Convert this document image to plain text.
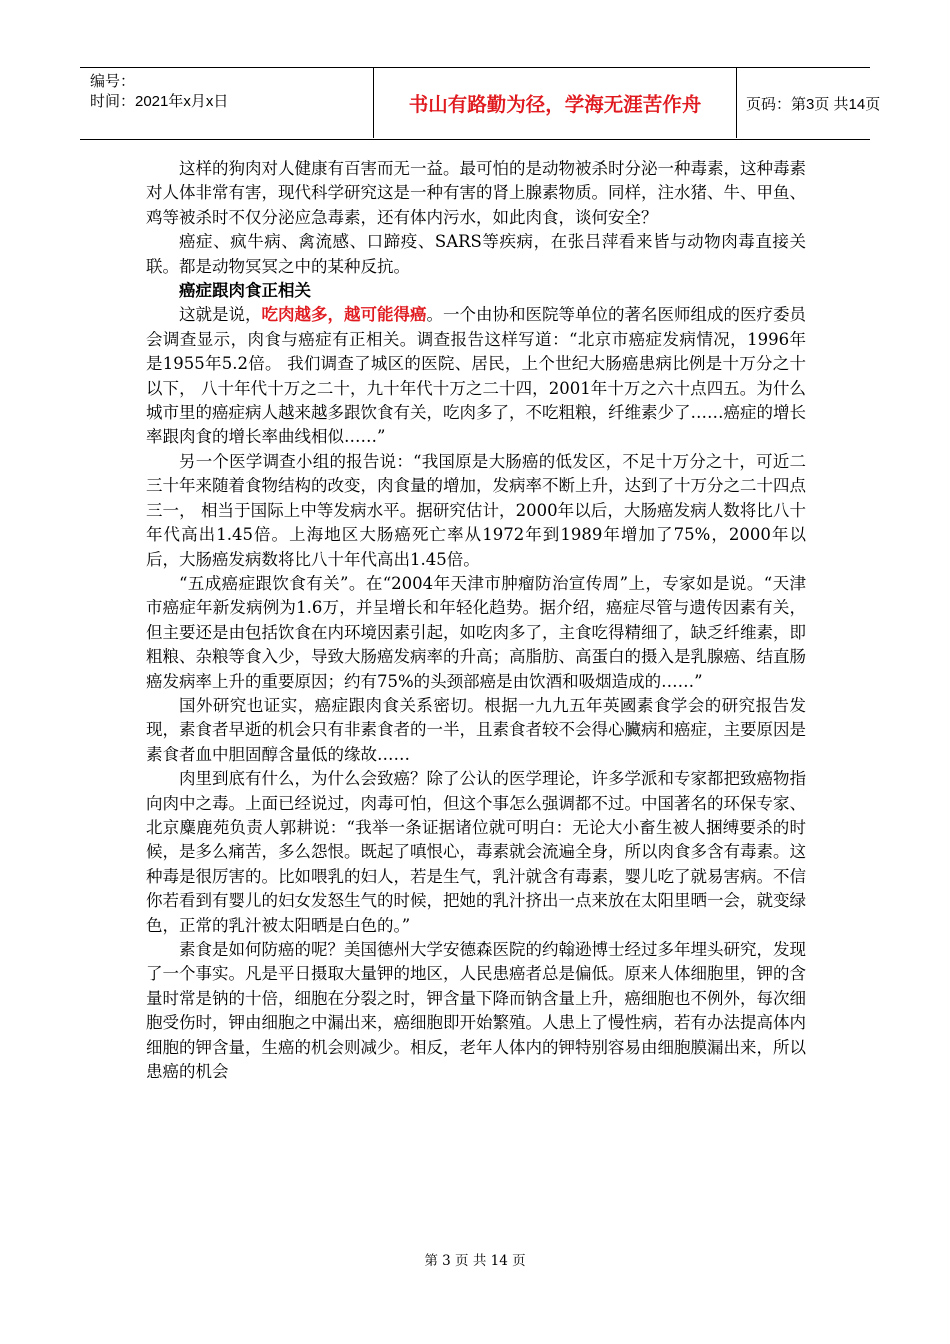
编号：
时间：2021年x月x日	书山有路勤为径，学海无涯苦作舟	页码：第3页 共14页

这样的狗肉对人健康有百害而无一益。最可怕的是动物被杀时分泌一种毒素，这种毒素对人体非常有害，现代科学研究这是一种有害的肾上腺素物质。同样，注水猪、牛、甲鱼、鸡等被杀时不仅分泌应急毒素，还有体内污水，如此肉食，谈何安全？

癌症、疯牛病、禽流感、口蹄疫、SARS等疾病，在张吕萍看来皆与动物肉毒直接关联。都是动物冥冥之中的某种反抗。

癌症跟肉食正相关

这就是说，吃肉越多，越可能得癌。一个由协和医院等单位的著名医师组成的医疗委员会调查显示，肉食与癌症有正相关。调查报告这样写道：“北京市癌症发病情况，1996年是1955年5.2倍。 我们调查了城区的医院、居民，上个世纪大肠癌患病比例是十万分之十以下， 八十年代十万之二十，九十年代十万之二十四，2001年十万之六十点四五。为什么城市里的癌症病人越来越多跟饮食有关，吃肉多了，不吃粗粮，纤维素少了……癌症的增长率跟肉食的增长率曲线相似……”

另一个医学调查小组的报告说：“我国原是大肠癌的低发区，不足十万分之十，可近二三十年来随着食物结构的改变，肉食量的增加，发病率不断上升，达到了十万分之二十四点三一， 相当于国际上中等发病水平。据研究估计，2000年以后，大肠癌发病人数将比八十年代高出1.45倍。上海地区大肠癌死亡率从1972年到1989年增加了75%，2000年以后，大肠癌发病数将比八十年代高出1.45倍。

“五成癌症跟饮食有关”。在“2004年天津市肿瘤防治宣传周”上，专家如是说。“天津市癌症年新发病例为1.6万，并呈增长和年轻化趋势。据介绍，癌症尽管与遗传因素有关，但主要还是由包括饮食在内环境因素引起，如吃肉多了，主食吃得精细了，缺乏纤维素，即粗粮、杂粮等食入少，导致大肠癌发病率的升高；高脂肪、高蛋白的摄入是乳腺癌、结直肠癌发病率上升的重要原因；约有75%的头颈部癌是由饮酒和吸烟造成的……”

国外研究也证实，癌症跟肉食关系密切。根据一九九五年英國素食学会的研究报告发现，素食者早逝的机会只有非素食者的一半，且素食者较不会得心臟病和癌症，主要原因是素食者血中胆固醇含量低的缘故……

肉里到底有什么，为什么会致癌？除了公认的医学理论，许多学派和专家都把致癌物指向肉中之毒。上面已经说过，肉毒可怕，但这个事怎么强调都不过。中国著名的环保专家、北京麋鹿苑负责人郭耕说：“我举一条证据诸位就可明白：无论大小畜生被人捆缚要杀的时候，是多么痛苦，多么怨恨。既起了嗔恨心，毒素就会流遍全身，所以肉食多含有毒素。这种毒是很厉害的。比如喂乳的妇人，若是生气，乳汁就含有毒素，婴儿吃了就易害病。不信你若看到有婴儿的妇女发怒生气的时候，把她的乳汁挤出一点来放在太阳里晒一会，就变绿色，正常的乳汁被太阳晒是白色的。”

素食是如何防癌的呢？美国德州大学安德森医院的约翰逊博士经过多年埋头研究，发现了一个事实。凡是平日摄取大量钾的地区，人民患癌者总是偏低。原来人体细胞里，钾的含量时常是钠的十倍，细胞在分裂之时，钾含量下降而钠含量上升，癌细胞也不例外，每次细胞受伤时，钾由细胞之中漏出来，癌细胞即开始繁殖。人患上了慢性病，若有办法提高体内细胞的钾含量，生癌的机会则减少。相反，老年人体内的钾特别容易由细胞膜漏出来，所以患癌的机会

第 3 页 共 14 页
